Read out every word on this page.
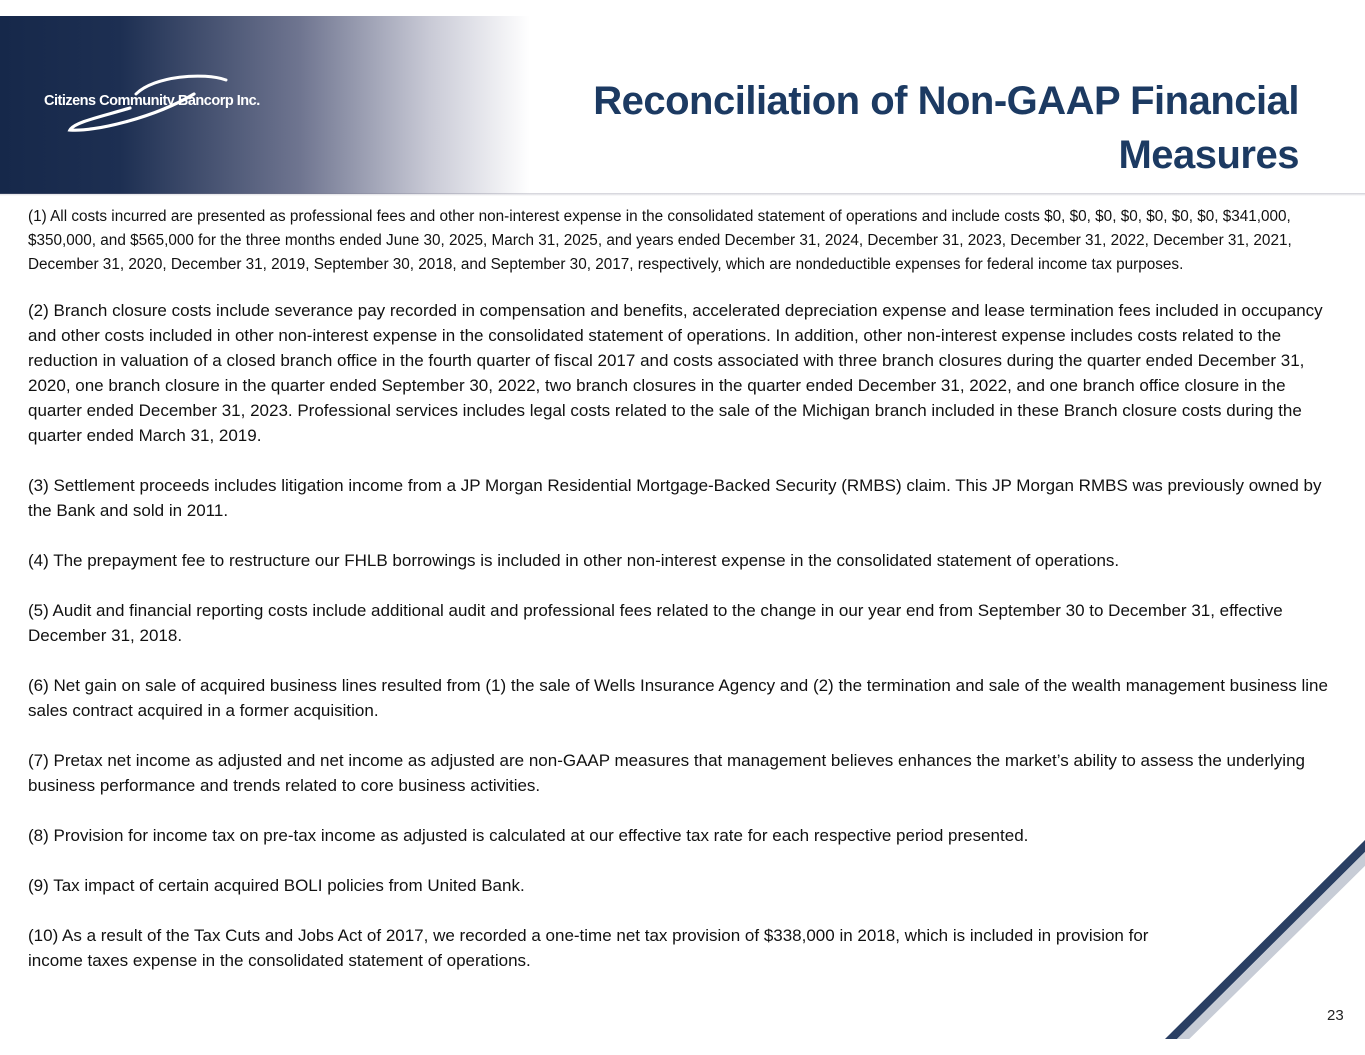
Citizens Community Bancorp Inc.	Reconciliation of Non-GAAP Financial Measures

(1) All costs incurred are presented as professional fees and other non-interest expense in the consolidated statement of operations and include costs $0, $0, $0, $0, $0, $0, $0, $341,000, $350,000, and $565,000 for the three months ended June 30, 2025, March 31, 2025, and years ended December 31, 2024, December 31, 2023, December 31, 2022, December 31, 2021, December 31, 2020, December 31, 2019, September 30, 2018, and September 30, 2017, respectively, which are nondeductible expenses for federal income tax purposes.

(2) Branch closure costs include severance pay recorded in compensation and benefits, accelerated depreciation expense and lease termination fees included in occupancy and other costs included in other non-interest expense in the consolidated statement of operations. In addition, other non-interest expense includes costs related to the reduction in valuation of a closed branch office in the fourth quarter of fiscal 2017 and costs associated with three branch closures during the quarter ended December 31, 2020, one branch closure in the quarter ended September 30, 2022, two branch closures in the quarter ended December 31, 2022, and one branch office closure in the quarter ended December 31, 2023. Professional services includes legal costs related to the sale of the Michigan branch included in these Branch closure costs during the quarter ended March 31, 2019.

(3) Settlement proceeds includes litigation income from a JP Morgan Residential Mortgage-Backed Security (RMBS) claim. This JP Morgan RMBS was previously owned by the Bank and sold in 2011.

(4) The prepayment fee to restructure our FHLB borrowings is included in other non-interest expense in the consolidated statement of operations.

(5) Audit and financial reporting costs include additional audit and professional fees related to the change in our year end from September 30 to December 31, effective December 31, 2018.

(6) Net gain on sale of acquired business lines resulted from (1) the sale of Wells Insurance Agency and (2) the termination and sale of the wealth management business line sales contract acquired in a former acquisition.

(7) Pretax net income as adjusted and net income as adjusted are non-GAAP measures that management believes enhances the market’s ability to assess the underlying business performance and trends related to core business activities.

(8) Provision for income tax on pre-tax income as adjusted is calculated at our effective tax rate for each respective period presented.

(9) Tax impact of certain acquired BOLI policies from United Bank.

(10) As a result of the Tax Cuts and Jobs Act of 2017, we recorded a one-time net tax provision of $338,000 in 2018, which is included in provision for income taxes expense in the consolidated statement of operations.

23
